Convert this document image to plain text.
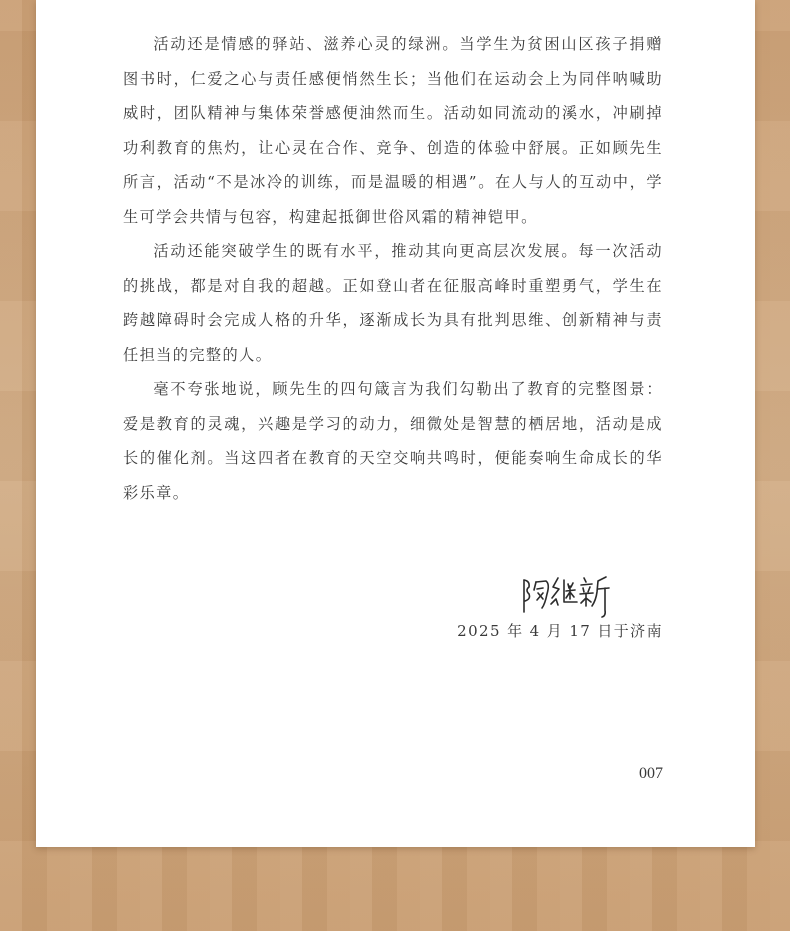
活动还是情感的驿站、滋养心灵的绿洲。当学生为贫困山区孩子捐赠图书时，仁爱之心与责任感便悄然生长；当他们在运动会上为同伴呐喊助威时，团队精神与集体荣誉感便油然而生。活动如同流动的溪水，冲刷掉功利教育的焦灼，让心灵在合作、竞争、创造的体验中舒展。正如顾先生所言，活动“不是冰冷的训练，而是温暖的相遇”。在人与人的互动中，学生可学会共情与包容，构建起抵御世俗风霜的精神铠甲。

活动还能突破学生的既有水平，推动其向更高层次发展。每一次活动的挑战，都是对自我的超越。正如登山者在征服高峰时重塑勇气，学生在跨越障碍时会完成人格的升华，逐渐成长为具有批判思维、创新精神与责任担当的完整的人。

毫不夸张地说，顾先生的四句箴言为我们勾勒出了教育的完整图景：爱是教育的灵魂，兴趣是学习的动力，细微处是智慧的栖居地，活动是成长的催化剂。当这四者在教育的天空交响共鸣时，便能奏响生命成长的华彩乐章。

2025 年 4 月 17 日于济南
007
